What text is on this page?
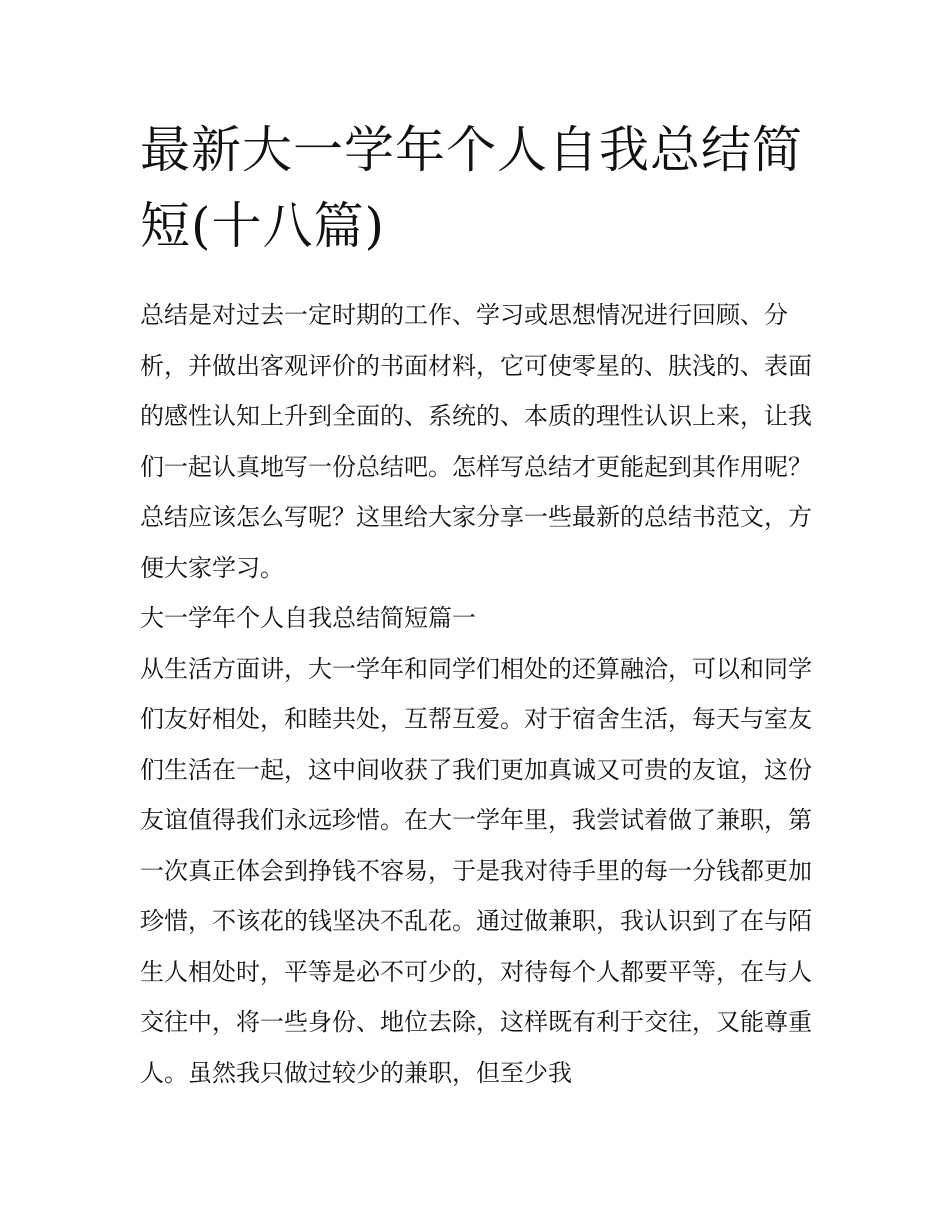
最新大一学年个人自我总结简短(十八篇)

总结是对过去一定时期的工作、学习或思想情况进行回顾、分析，并做出客观评价的书面材料，它可使零星的、肤浅的、表面的感性认知上升到全面的、系统的、本质的理性认识上来，让我们一起认真地写一份总结吧。怎样写总结才更能起到其作用呢？总结应该怎么写呢？这里给大家分享一些最新的总结书范文，方便大家学习。

大一学年个人自我总结简短篇一

从生活方面讲，大一学年和同学们相处的还算融洽，可以和同学们友好相处，和睦共处，互帮互爱。对于宿舍生活，每天与室友们生活在一起，这中间收获了我们更加真诚又可贵的友谊，这份友谊值得我们永远珍惜。在大一学年里，我尝试着做了兼职，第一次真正体会到挣钱不容易，于是我对待手里的每一分钱都更加珍惜，不该花的钱坚决不乱花。通过做兼职，我认识到了在与陌生人相处时，平等是必不可少的，对待每个人都要平等，在与人交往中，将一些身份、地位去除，这样既有利于交往，又能尊重人。虽然我只做过较少的兼职，但至少我
